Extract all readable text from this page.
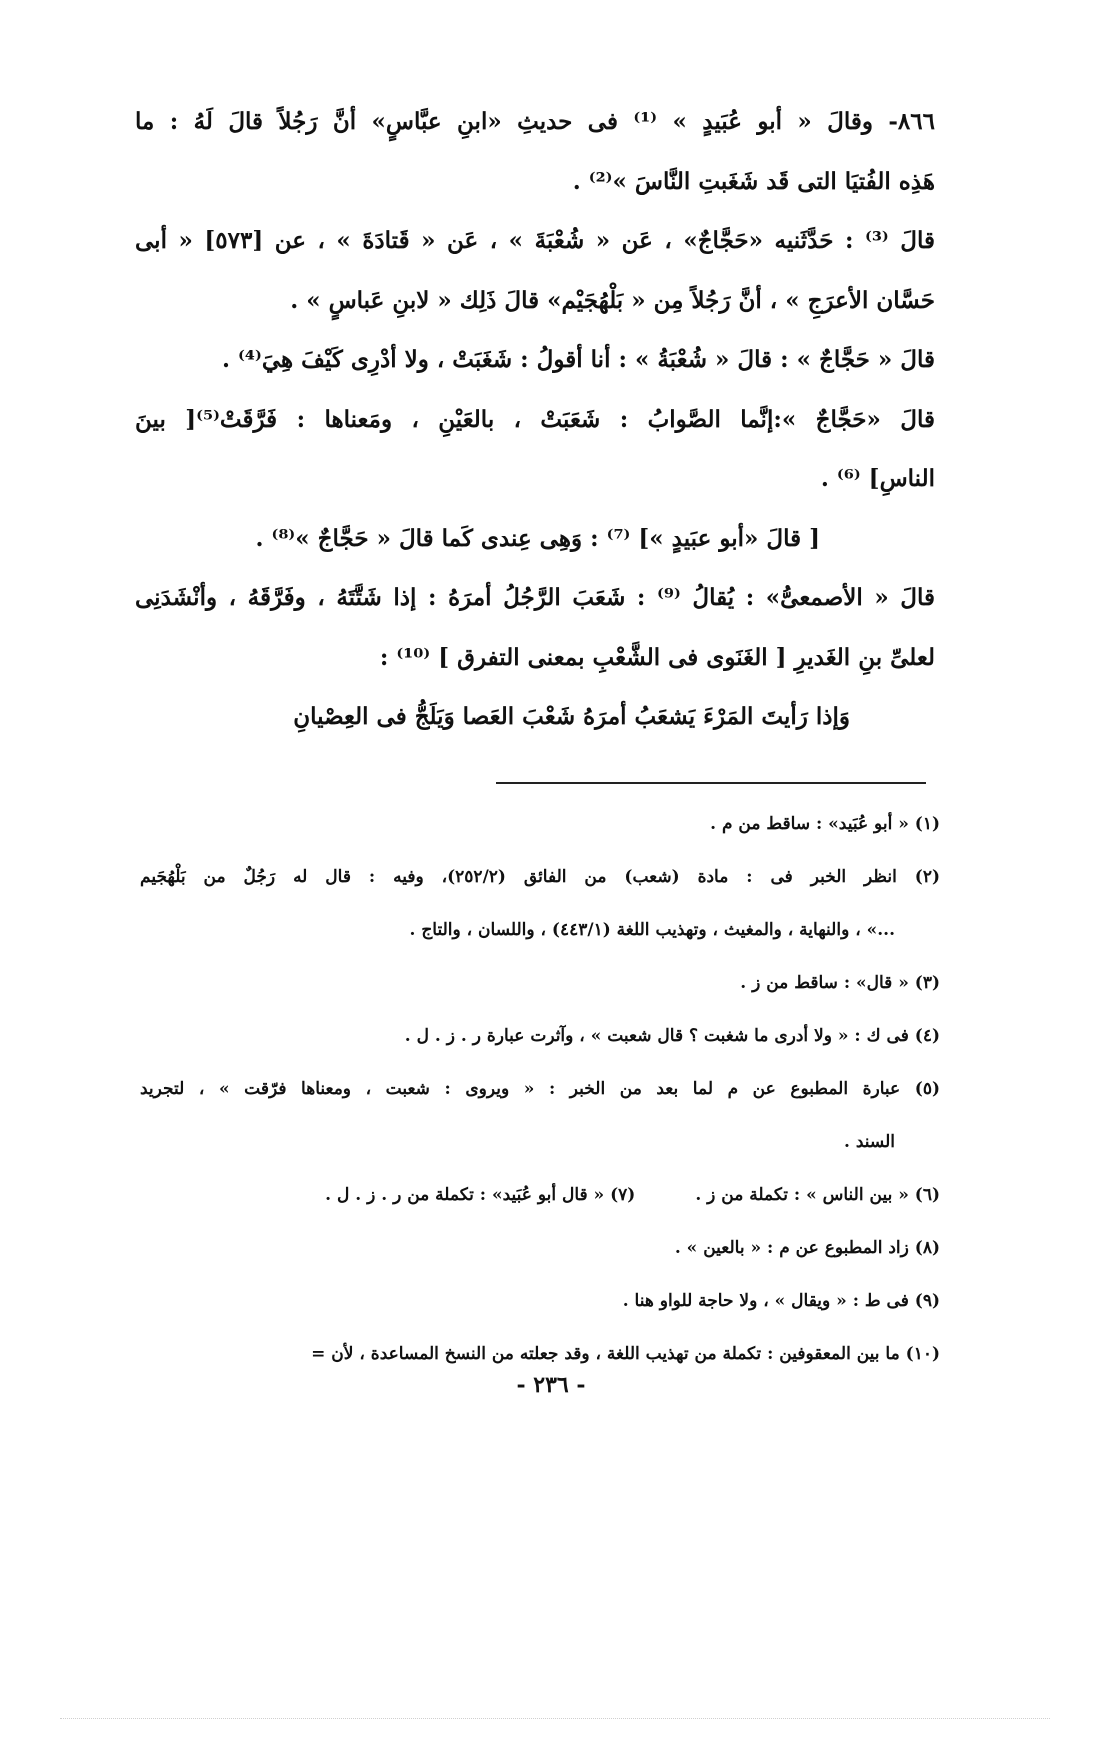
٨٦٦- وقالَ « أبو عُبَيدٍ » ⁽¹⁾ فى حديثِ «ابنِ عبَّاسٍ» أنَّ رَجُلاً قالَ لَهُ : ما
هَذِه الفُتيَا التى قَد شَغَبتِ النَّاسَ »⁽²⁾ .
قالَ ⁽³⁾ : حَدَّثَنيه «حَجَّاجٌ» ، عَن « شُعْبَةَ » ، عَن « قَتادَةَ » ، عن [٥٧٣] « أبى
حَسَّان الأعرَجِ » ، أنَّ رَجُلاً مِن « بَلْهُجَيْم» قالَ ذَلِك « لابنِ عَباسٍ » .
قالَ « حَجَّاجٌ » : قالَ « شُعْبَةُ » : أنا أقولُ : شَغَبَتْ ، ولا أدْرِى كَيْفَ هِيَ⁽⁴⁾ .
قالَ «حَجَّاجٌ »:إنَّما الصَّوابُ : شَعَبَتْ ، بالعَيْنِ ، ومَعناها : فَرَّقَتْ⁽⁵⁾[ بينَ
الناسِ] ⁽⁶⁾ .
[ قالَ «أبو عبَيدٍ »] ⁽⁷⁾ : وَهِى عِندى كَما قالَ « حَجَّاجٌ »⁽⁸⁾ .
قالَ « الأصمعىُّ» : يُقالُ ⁽⁹⁾ : شَعَبَ الرَّجُلُ أمرَهُ : إذا شَتَّتَهُ ، وفَرَّقَهُ ، وأنْشَدَنِى
لعلىِّ بنِ الغَديرِ [ الغَنَوى فى الشَّعْبِ بمعنى التفرق ] ⁽¹⁰⁾ :
وَإذا رَأيتَ المَرْءَ يَشعَبُ أمرَهُ شَعْبَ العَصا وَيَلَجُّ فى العِصْيانِ
(١) « أبو عُبَيد» : ساقط من م .
(٢) انظر الخبر فى : مادة (شعب) من الفائق (٢٥٢/٢)، وفيه : قال له رَجُلٌ من بَلْهُجَيم
...» ، والنهاية ، والمغيث ، وتهذيب اللغة (٤٤٣/١) ، واللسان ، والتاج .
(٣) « قال» : ساقط من ز .
(٤) فى ك : « ولا أدرى ما شغبت ؟ قال شعبت » ، وآثرت عبارة ر . ز . ل .
(٥) عبارة المطبوع عن م لما بعد من الخبر : « ويروى : شعبت ، ومعناها فرّقت » ، لتجريد
السند .
(٦) « بين الناس » : تكملة من ز .
(٧) « قال أبو عُبَيد» : تكملة من ر . ز . ل .
(٨) زاد المطبوع عن م : « بالعين » .
(٩) فى ط : « ويقال » ، ولا حاجة للواو هنا .
(١٠) ما بين المعقوفين : تكملة من تهذيب اللغة ، وقد جعلته من النسخ المساعدة ، لأن =
- ٢٣٦ -
